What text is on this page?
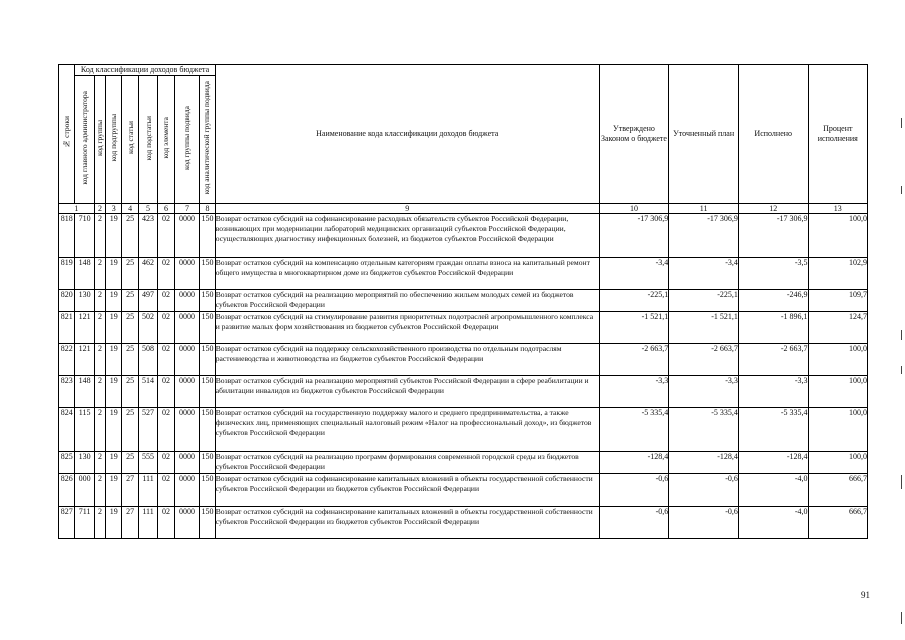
№ строки	Код классификации доходов бюджета								Наименование кода классификации доходов бюджета	Утверждено Законом о бюджете	Уточненный план	Исполнено	Процент исполнения
	код главного администратора	код группы	код подгруппы	код статьи	код подстатьи	код элемента	код группы подвида	код аналитической группы подвида					
1		2	3	4	5	6	7	8	9	10	11	12	13
818	710	2	19	25	423	02	0000	150	Возврат остатков субсидий на софинансирование расходных обязательств субъектов Российской Федерации, возникающих при модернизации лабораторий медицинских организаций субъектов Российской Федерации, осуществляющих диагностику инфекционных болезней, из бюджетов субъектов Российской Федерации	-17 306,9	-17 306,9	-17 306,9	100,0
819	148	2	19	25	462	02	0000	150	Возврат остатков субсидий на компенсацию отдельным категориям граждан оплаты взноса на капитальный ремонт общего имущества в многоквартирном доме из бюджетов субъектов Российской Федерации	-3,4	-3,4	-3,5	102,9
820	130	2	19	25	497	02	0000	150	Возврат остатков субсидий на реализацию мероприятий по обеспечению жильем молодых семей из бюджетов субъектов Российской Федерации	-225,1	-225,1	-246,9	109,7
821	121	2	19	25	502	02	0000	150	Возврат остатков субсидий на стимулирование развития приоритетных подотраслей агропромышленного комплекса и развитие малых форм хозяйствования из бюджетов субъектов Российской Федерации	-1 521,1	-1 521,1	-1 896,1	124,7
822	121	2	19	25	508	02	0000	150	Возврат остатков субсидий на поддержку сельскохозяйственного производства по отдельным подотраслям растениеводства и животноводства из бюджетов субъектов Российской Федерации	-2 663,7	-2 663,7	-2 663,7	100,0
823	148	2	19	25	514	02	0000	150	Возврат остатков субсидий на реализацию мероприятий субъектов Российской Федерации в сфере реабилитации и абилитации инвалидов из бюджетов субъектов Российской Федерации	-3,3	-3,3	-3,3	100,0
824	115	2	19	25	527	02	0000	150	Возврат остатков субсидий на государственную поддержку малого и среднего предпринимательства, а также физических лиц, применяющих специальный налоговый режим «Налог на профессиональный доход», из бюджетов субъектов Российской Федерации	-5 335,4	-5 335,4	-5 335,4	100,0
825	130	2	19	25	555	02	0000	150	Возврат остатков субсидий на реализацию программ формирования современной городской среды из бюджетов субъектов Российской Федерации	-128,4	-128,4	-128,4	100,0
826	000	2	19	27	111	02	0000	150	Возврат остатков субсидий на софинансирование капитальных вложений в объекты государственной собственности субъектов Российской Федерации из бюджетов субъектов Российской Федерации	-0,6	-0,6	-4,0	666,7
827	711	2	19	27	111	02	0000	150	Возврат остатков субсидий на софинансирование капитальных вложений в объекты государственной собственности субъектов Российской Федерации из бюджетов субъектов Российской Федерации	-0,6	-0,6	-4,0	666,7
91
